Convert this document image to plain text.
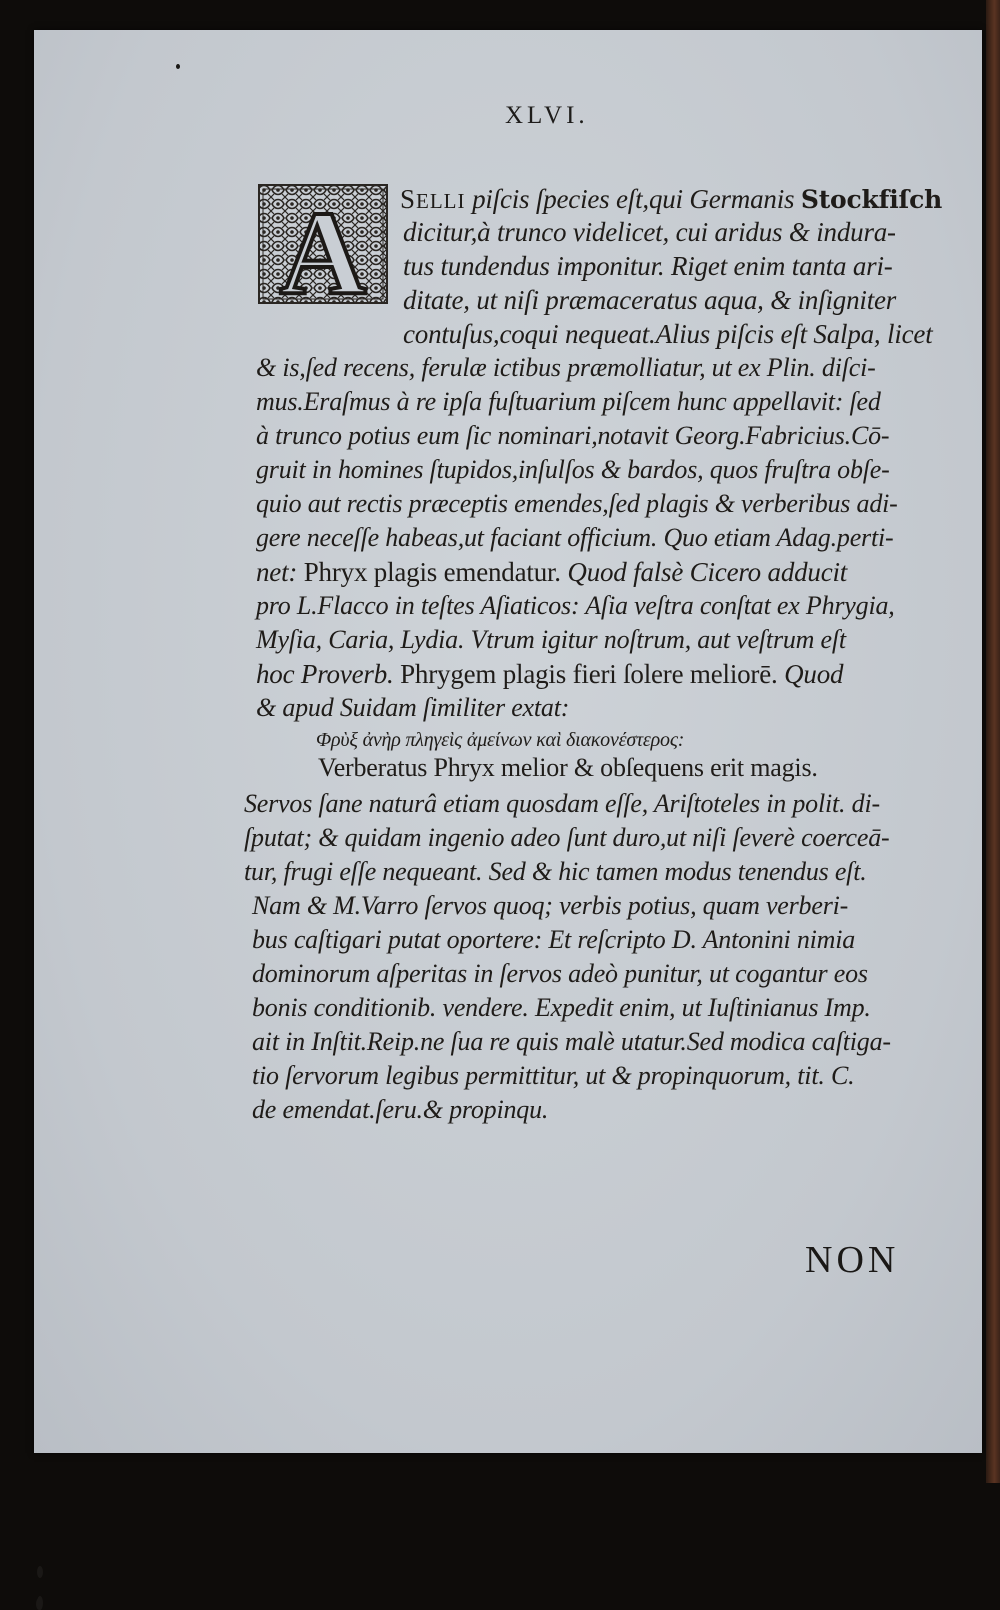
XLVI.
A SELLI piſcis ſpecies eſt,qui Germanis Stockfiſch
dicitur,à trunco videlicet, cui aridus & indura-
tus tundendus imponitur. Riget enim tanta ari-
ditate, ut niſi præmaceratus aqua, & inſigniter
contuſus,coqui nequeat.Alius piſcis eſt Salpa, licet
& is,ſed recens, ferulæ ictibus præmolliatur, ut ex Plin. diſci-
mus.Eraſmus à re ipſa fuſtuarium piſcem hunc appellavit: ſed
à trunco potius eum ſic nominari,notavit Georg.Fabricius.Cō-
gruit in homines ſtupidos,inſulſos & bardos, quos fruſtra obſe-
quio aut rectis præceptis emendes,ſed plagis & verberibus adi-
gere neceſſe habeas,ut faciant officium. Quo etiam Adag.perti-
net: Phryx plagis emendatur. Quod falsè Cicero adducit
pro L.Flacco in teſtes Aſiaticos: Aſia veſtra conſtat ex Phrygia,
Myſia, Caria, Lydia. Vtrum igitur noſtrum, aut veſtrum eſt
hoc Proverb. Phrygem plagis fieri ſolere meliorē. Quod
& apud Suidam ſimiliter extat:
Φρὺξ ἀνὴρ πληγεὶς ἀμείνων καὶ διακονέστερος:
Verberatus Phryx melior & obſequens erit magis.
Servos ſane naturâ etiam quosdam eſſe, Ariſtoteles in polit. di-
ſputat; & quidam ingenio adeo ſunt duro,ut niſi ſeverè coerceā-
tur, frugi eſſe nequeant. Sed & hic tamen modus tenendus eſt.
Nam & M.Varro ſervos quoq; verbis potius, quam verberi-
bus caſtigari putat oportere: Et reſcripto D. Antonini nimia
dominorum aſperitas in ſervos adeò punitur, ut cogantur eos
bonis conditionib. vendere. Expedit enim, ut Iuſtinianus Imp.
ait in Inſtit.Reip.ne ſua re quis malè utatur.Sed modica caſtiga-
tio ſervorum legibus permittitur, ut & propinquorum, tit. C.
de emendat.ſeru.& propinqu.
NON
